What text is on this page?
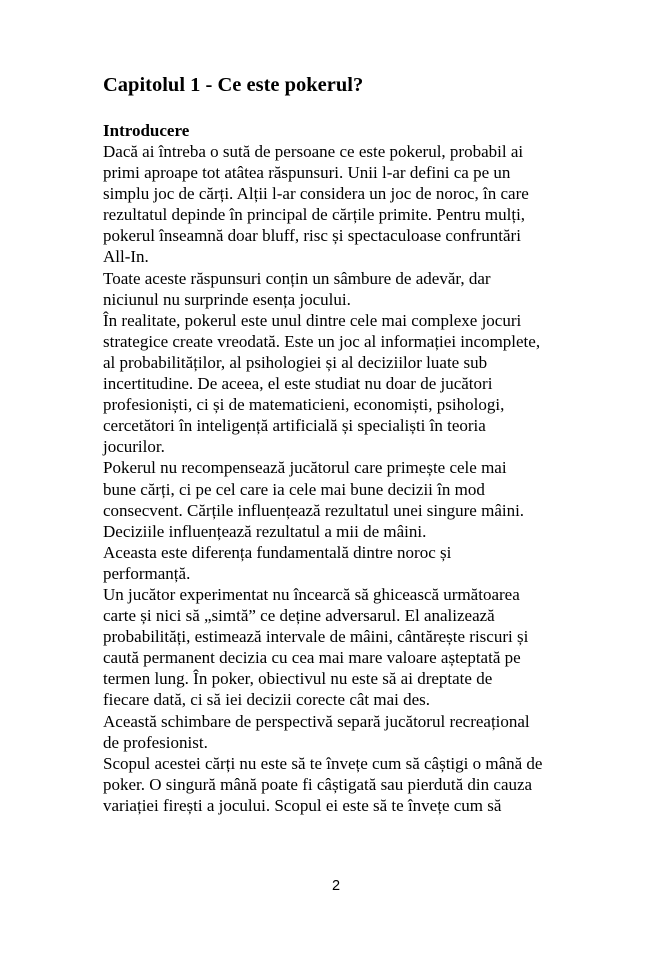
Capitolul 1 - Ce este pokerul?
Introducere

Dacă ai întreba o sută de persoane ce este pokerul, probabil ai
primi aproape tot atâtea răspunsuri. Unii l-ar defini ca pe un
simplu joc de cărți. Alții l-ar considera un joc de noroc, în care
rezultatul depinde în principal de cărțile primite. Pentru mulți,
pokerul înseamnă doar bluff, risc și spectaculoase confruntări
All-In.

Toate aceste răspunsuri conțin un sâmbure de adevăr, dar
niciunul nu surprinde esența jocului.

În realitate, pokerul este unul dintre cele mai complexe jocuri
strategice create vreodată. Este un joc al informației incomplete,
al probabilităților, al psihologiei și al deciziilor luate sub
incertitudine. De aceea, el este studiat nu doar de jucători
profesioniști, ci și de matematicieni, economiști, psihologi,
cercetători în inteligență artificială și specialiști în teoria
jocurilor.

Pokerul nu recompensează jucătorul care primește cele mai
bune cărți, ci pe cel care ia cele mai bune decizii în mod
consecvent. Cărțile influențează rezultatul unei singure mâini.
Deciziile influențează rezultatul a mii de mâini.

Aceasta este diferența fundamentală dintre noroc și
performanță.

Un jucător experimentat nu încearcă să ghicească următoarea
carte și nici să „simtă” ce deține adversarul. El analizează
probabilități, estimează intervale de mâini, cântărește riscuri și
caută permanent decizia cu cea mai mare valoare așteptată pe
termen lung. În poker, obiectivul nu este să ai dreptate de
fiecare dată, ci să iei decizii corecte cât mai des.

Această schimbare de perspectivă separă jucătorul recreațional
de profesionist.

Scopul acestei cărți nu este să te învețe cum să câștigi o mână de
poker. O singură mână poate fi câștigată sau pierdută din cauza
variației firești a jocului. Scopul ei este să te învețe cum să

2
